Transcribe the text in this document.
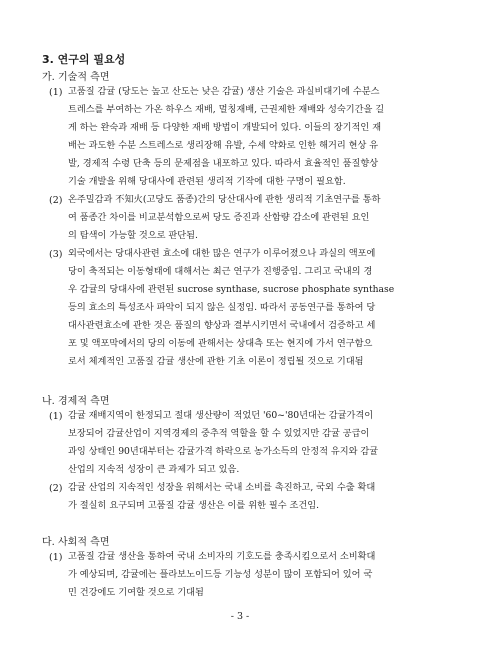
3. 연구의 필요성
가. 기술적 측면
(1) 고품질 감귤 (당도는 높고 산도는 낮은 감귤) 생산 기술은 과실비대기에 수분스
트레스를 부여하는 가온 하우스 재배, 멀칭재배, 근권제한 재배와 성숙기간을 길
게 하는 완숙과 재배 등 다양한 재배 방법이 개발되어 있다. 이들의 장기적인 재
배는 과도한 수분 스트레스로 생리장해 유발, 수세 약화로 인한 해거리 현상 유
발, 경제적 수령 단축 등의 문제점을 내포하고 있다. 따라서 효율적인 품질향상
기술 개발을 위해 당대사에 관련된 생리적 기작에 대한 구명이 필요함.
(2) 온주밀감과 不知火(고당도 품종)간의 당산대사에 관한 생리적 기초연구를 통하
여 품종간 차이를 비교분석함으로써 당도 증진과 산함량 감소에 관련된 요인
의 탐색이 가능할 것으로 판단됨.
(3) 외국에서는 당대사관련 효소에 대한 많은 연구가 이루어졌으나 과실의 액포에
당이 축적되는 이동형태에 대해서는 최근 연구가 진행중임. 그리고 국내의 경
우 감귤의 당대사에 관련된 sucrose synthase, sucrose phosphate synthase
등의 효소의 특성조사 파악이 되지 않은 실정임. 따라서 공동연구를 통하여 당
대사관련효소에 관한 것은 품질의 향상과 결부시키면서 국내에서 검증하고 세
포 및 액포막에서의 당의 이동에 관해서는 상대측 또는 현지에 가서 연구함으
로서 체계적인 고품질 감귤 생산에 관한 기초 이론이 정립될 것으로 기대됨
나. 경제적 측면
(1) 감귤 재배지역이 한정되고 절대 생산량이 적었던 '60~'80년대는 감귤가격이
보장되어 감귤산업이 지역경제의 중추적 역할을 할 수 있었지만 감귤 공급이
과잉 상태인 90년대부터는 감귤가격 하락으로 농가소득의 안정적 유지와 감귤
산업의 지속적 성장이 큰 과제가 되고 있음.
(2) 감귤 산업의 지속적인 성장을 위해서는 국내 소비를 촉진하고, 국외 수출 확대
가 절실히 요구되며 고품질 감귤 생산은 이를 위한 필수 조건임.
다. 사회적 측면
(1) 고품질 감귤 생산을 통하여 국내 소비자의 기호도를 충족시킴으로서 소비확대
가 예상되며, 감귤에는 플라보노이드등 기능성 성분이 많이 포함되어 있어 국
민 건강에도 기여할 것으로 기대됨
- 3 -
